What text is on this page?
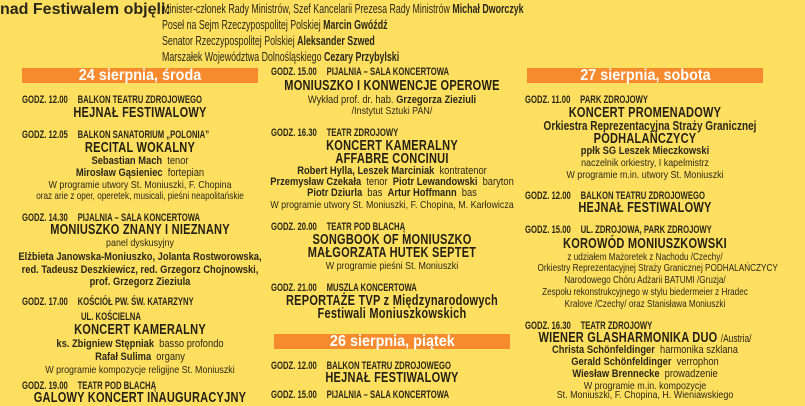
nad Festiwalem objęli:
Minister-członek Rady Ministrów, Szef Kancelarii Prezesa Rady Ministrów Michał Dworczyk
Poseł na Sejm Rzeczypospolitej Polskiej Marcin Gwóźdź
Senator Rzeczypospolitej Polskiej Aleksander Szwed
Marszałek Województwa Dolnośląskiego Cezary Przybylski
24 sierpnia, środa
GODZ. 12.00 BALKON TEATRU ZDROJOWEGO
HEJNAŁ FESTIWALOWY
GODZ. 12.05 BALKON SANATORIUM „POLONIA”
RECITAL WOKALNY
Sebastian Mach tenor
Mirosław Gąsieniec fortepian
W programie utwory St. Moniuszki, F. Chopina
oraz arie z oper, operetek, musicali, pieśni neapolitańskie
GODZ. 14.30 PIJALNIA – SALA KONCERTOWA
MONIUSZKO ZNANY I NIEZNANY
panel dyskusyjny
Elżbieta Janowska-Moniuszko, Jolanta Rostworowska,
red. Tadeusz Deszkiewicz, red. Grzegorz Chojnowski,
prof. Grzegorz Zieziula
GODZ. 17.00 KOŚCIÓŁ PW. ŚW. KATARZYNY
UL. KOŚCIELNA
KONCERT KAMERALNY
ks. Zbigniew Stępniak basso profondo
Rafał Sulima organy
W programie kompozycje religijne St. Moniuszki
GODZ. 19.00 TEATR POD BLACHĄ
GALOWY KONCERT INAUGURACYJNY
GODZ. 15.00 PIJALNIA – SALA KONCERTOWA
MONIUSZKO I KONWENCJE OPEROWE
Wykład prof. dr. hab. Grzegorza Zieziuli
/Instytut Sztuki PAN/
GODZ. 16.30 TEATR ZDROJOWY
KONCERT KAMERALNY
AFFABRE CONCINUI
Robert Hylla, Leszek Marciniak kontratenor
Przemysław Czekała tenor Piotr Lewandowski baryton
Piotr Dziurla bas Artur Hoffmann bas
W programie utwory St. Moniuszki, F. Chopina, M. Karłowicza
GODZ. 20.00 TEATR POD BLACHĄ
SONGBOOK OF MONIUSZKO
MAŁGORZATA HUTEK SEPTET
W programie pieśni St. Moniuszki
GODZ. 21.00 MUSZLA KONCERTOWA
REPORTAŻE TVP z Międzynarodowych
Festiwali Moniuszkowskich
26 sierpnia, piątek
GODZ. 12.00 BALKON TEATRU ZDROJOWEGO
HEJNAŁ FESTIWALOWY
GODZ. 15.00 PIJALNIA – SALA KONCERTOWA
27 sierpnia, sobota
GODZ. 11.00 PARK ZDROJOWY
KONCERT PROMENADOWY
Orkiestra Reprezentacyjna Straży Granicznej
PODHALAŃCZYCY
ppłk SG Leszek Mieczkowski
naczelnik orkiestry, I kapelmistrz
W programie m.in. utwory St. Moniuszki
GODZ. 12.00 BALKON TEATRU ZDROJOWEGO
HEJNAŁ FESTIWALOWY
GODZ. 15.00 UL. ZDROJOWA, PARK ZDROJOWY
KOROWÓD MONIUSZKOWSKI
z udziałem Mażoretek z Nachodu /Czechy/
Orkiestry Reprezentacyjnej Straży Granicznej PODHALAŃCZYCY
Narodowego Chóru Adżarii BATUMI /Gruzja/
Zespołu rekonstrukcyjnego w stylu biedermeier z Hradec
Kralove /Czechy/ oraz Stanisława Moniuszki
GODZ. 16.30 TEATR ZDROJOWY
WIENER GLASHARMONIKA DUO /Austria/
Christa Schönfeldinger harmonika szklana
Gerald Schönfeldinger verrophon
Wiesław Brennecke prowadzenie
W programie m.in. kompozycje
St. Moniuszki, F. Chopina, H. Wieniawskiego
